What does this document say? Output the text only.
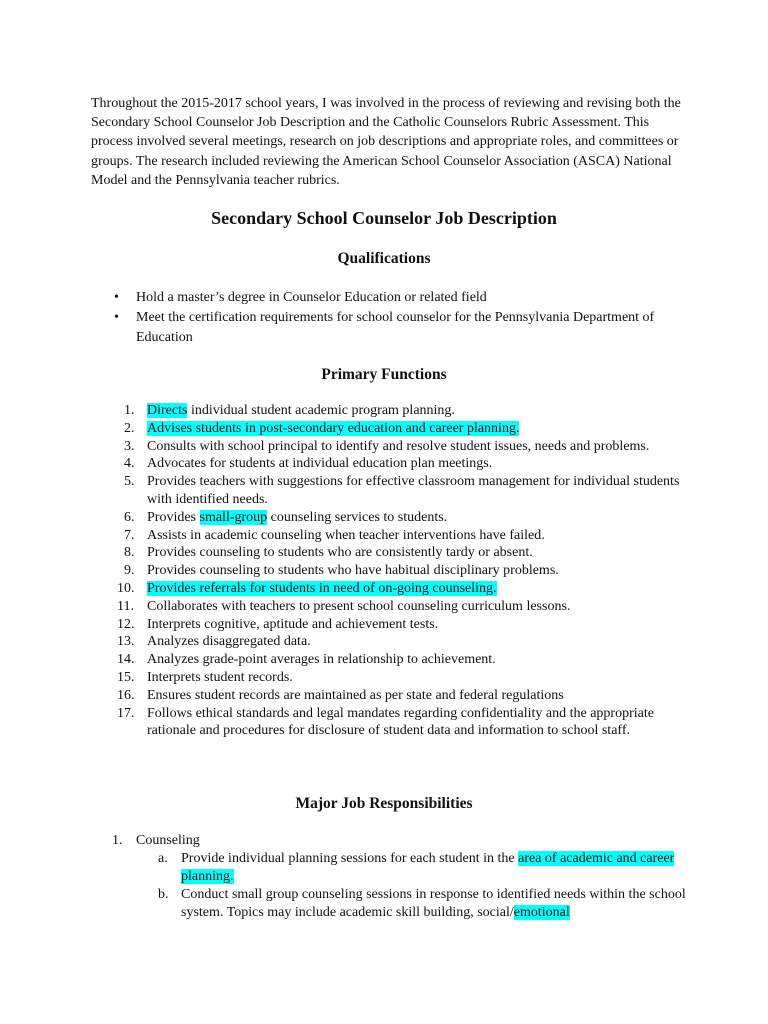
Throughout the 2015-2017 school years, I was involved in the process of reviewing and revising both the Secondary School Counselor Job Description and the Catholic Counselors Rubric Assessment. This process involved several meetings, research on job descriptions and appropriate roles, and committees or groups. The research included reviewing the American School Counselor Association (ASCA) National Model and the Pennsylvania teacher rubrics.

Secondary School Counselor Job Description
Qualifications
• Hold a master’s degree in Counselor Education or related field
• Meet the certification requirements for school counselor for the Pennsylvania Department of Education
Primary Functions
1. Directs individual student academic program planning.
2. Advises students in post-secondary education and career planning.
3. Consults with school principal to identify and resolve student issues, needs and problems.
4. Advocates for students at individual education plan meetings.
5. Provides teachers with suggestions for effective classroom management for individual students with identified needs.
6. Provides small-group counseling services to students.
7. Assists in academic counseling when teacher interventions have failed.
8. Provides counseling to students who are consistently tardy or absent.
9. Provides counseling to students who have habitual disciplinary problems.
10. Provides referrals for students in need of on-going counseling.
11. Collaborates with teachers to present school counseling curriculum lessons.
12. Interprets cognitive, aptitude and achievement tests.
13. Analyzes disaggregated data.
14. Analyzes grade-point averages in relationship to achievement.
15. Interprets student records.
16. Ensures student records are maintained as per state and federal regulations
17. Follows ethical standards and legal mandates regarding confidentiality and the appropriate rationale and procedures for disclosure of student data and information to school staff.
Major Job Responsibilities
1. Counseling
a. Provide individual planning sessions for each student in the area of academic and career planning.
b. Conduct small group counseling sessions in response to identified needs within the school system. Topics may include academic skill building, social/emotional
